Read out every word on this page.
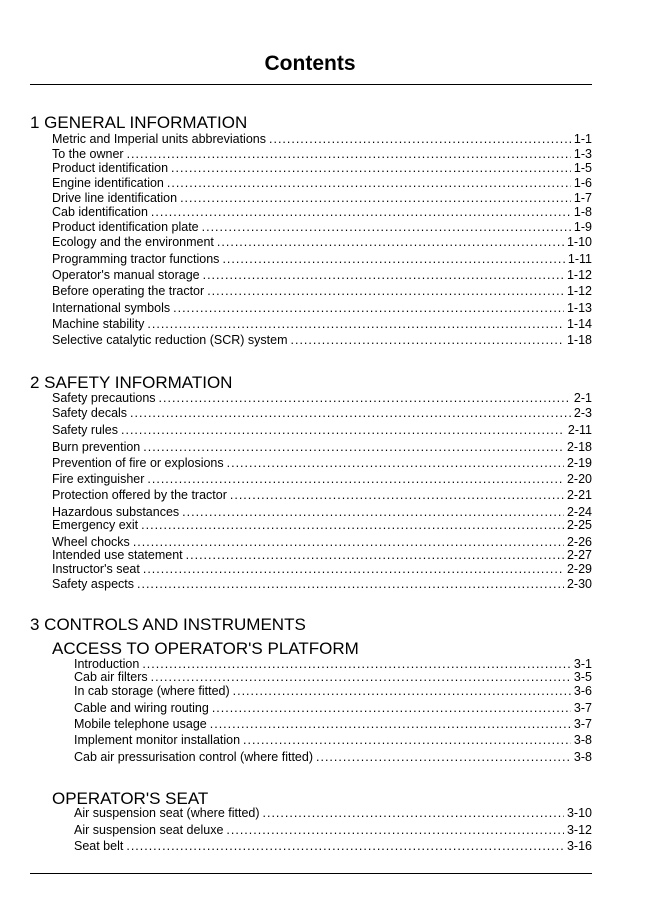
Contents
1 GENERAL INFORMATION
Metric and Imperial units abbreviations .....	1-1
To the owner .....	1-3
Product identification .....	1-5
Engine identification .....	1-6
Drive line identification .....	1-7
Cab identification .....	1-8
Product identification plate .....	1-9
Ecology and the environment .....	1-10
Programming tractor functions .....	1-11
Operator's manual storage .....	1-12
Before operating the tractor .....	1-12
International symbols .....	1-13
Machine stability .....	1-14
Selective catalytic reduction (SCR) system .....	1-18
2 SAFETY INFORMATION
Safety precautions .....	2-1
Safety decals .....	2-3
Safety rules .....	2-11
Burn prevention .....	2-18
Prevention of fire or explosions .....	2-19
Fire extinguisher .....	2-20
Protection offered by the tractor .....	2-21
Hazardous substances .....	2-24
Emergency exit .....	2-25
Wheel chocks .....	2-26
Intended use statement .....	2-27
Instructor's seat .....	2-29
Safety aspects .....	2-30
3 CONTROLS AND INSTRUMENTS
ACCESS TO OPERATOR'S PLATFORM
Introduction .....	3-1
Cab air filters .....	3-5
In cab storage (where fitted) .....	3-6
Cable and wiring routing .....	3-7
Mobile telephone usage .....	3-7
Implement monitor installation .....	3-8
Cab air pressurisation control (where fitted) .....	3-8
OPERATOR'S SEAT
Air suspension seat (where fitted) .....	3-10
Air suspension seat deluxe .....	3-12
Seat belt .....	3-16
